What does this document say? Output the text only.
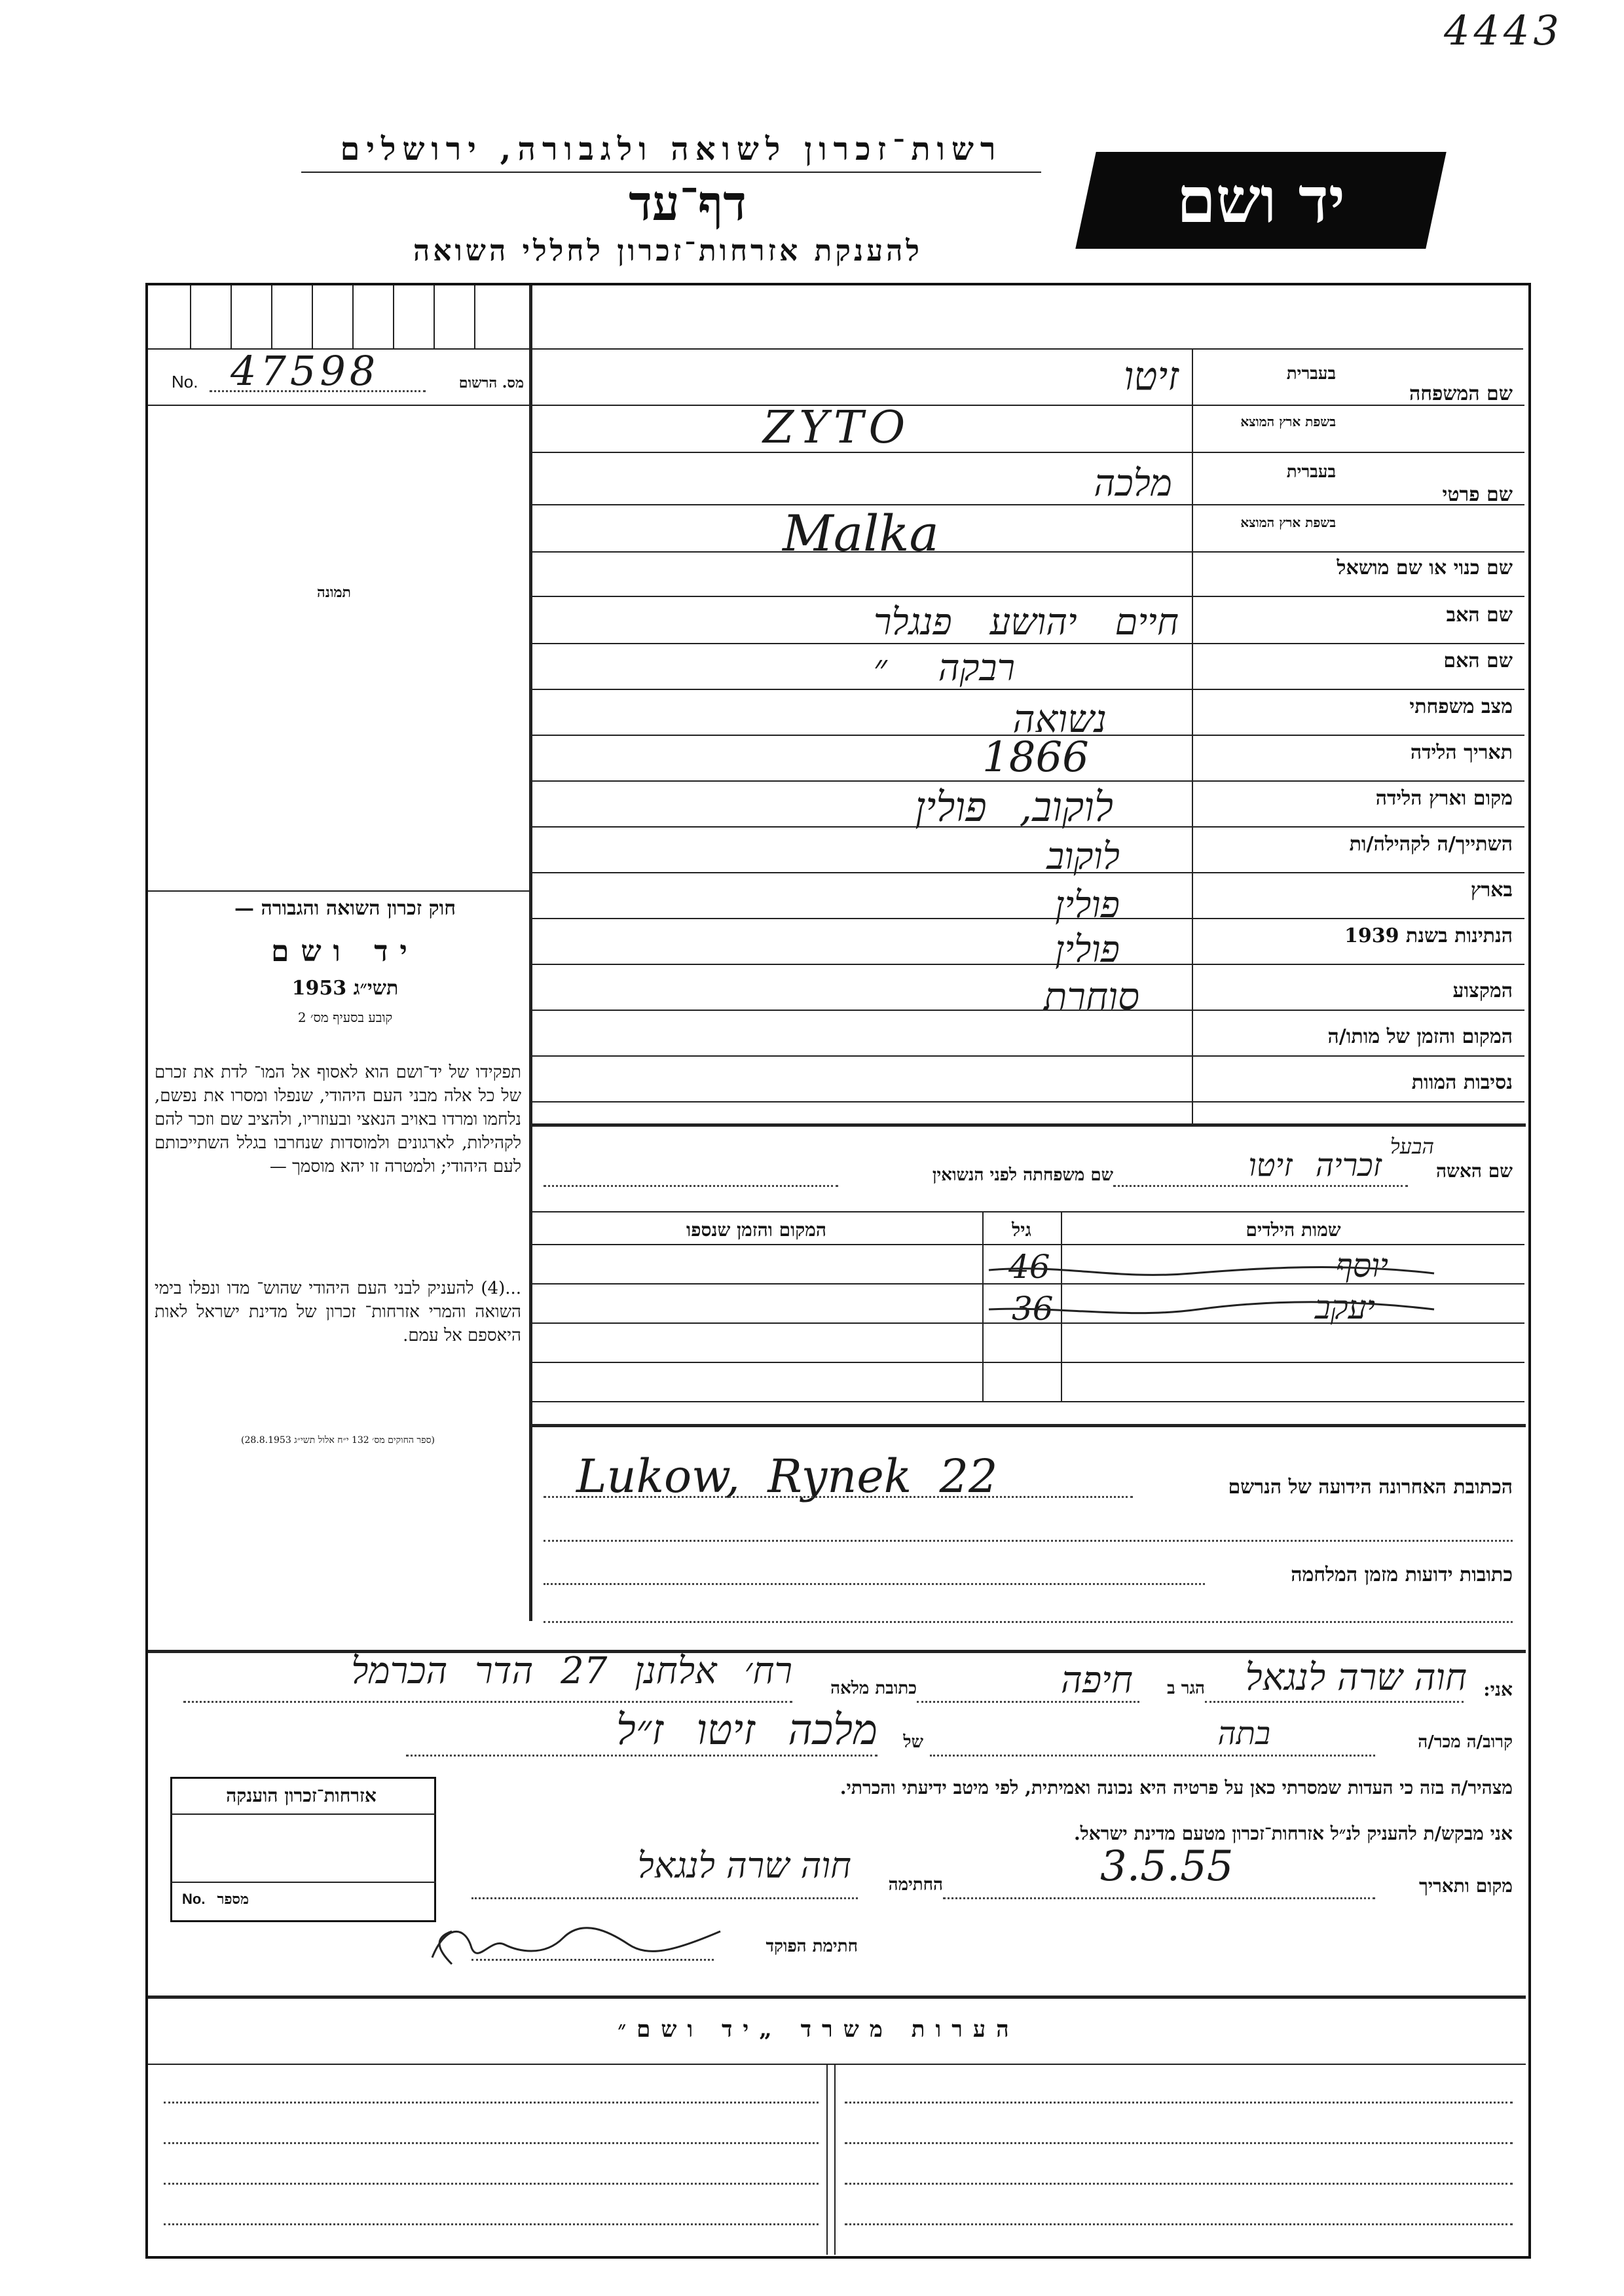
4443
רשות־זכרון לשואה ולגבורה, ירושלים
דף־עד
להענקת אזרחות־זכרון לחללי השואה
יד ושם
No. 47598	מס. הרשום
תמונה
חוק זכרון השואה והגבורה —
יד ושם
תשי״ג 1953
קובע בסעיף מס׳ 2
תפקידו של יד־ושם הוא לאסוף אל המו־ לדת את זכרם של כל אלה מבני העם היהודי, שנפלו ומסרו את נפשם, נלחמו ומרדו באויב הנאצי ובעוזריו, ולהציב שם וזכר להם לקהילות, לארגונים ולמוסדות שנחרבו בגלל השתייכותם לעם היהודי; ולמטרה זו יהא מוסמך —
...(4) להעניק לבני העם היהודי שהוש־ מדו ונפלו בימי השואה והמרי אזרחות־ זכרון של מדינת ישראל לאות היאספם אל עמם.
(ספר החוקים מס׳ 132 י״ח אלול תשי״ג 28.8.1953)
שם המשפחה
בעברית
בשפת ארץ המוצא
זיטו
ZYTO
שם פרטי
בעברית
בשפת ארץ המוצא
מלכה
Malka
שם כנוי או שם מושאל
שם האב
חיים יהושע פנגלר
שם האם
רבקה ״
מצב משפחתי
נשואה
תאריך הלידה
1866
מקום וארץ הלידה
לוקוב, פולין
השתייך/ה לקהילה/ות
לוקוב
בארץ
פולין
הנתינות בשנת 1939
פולין
המקצוע
סוחרת
המקום והזמן של מותו/ה
נסיבות המוות
שם האשה
הבעל
זכריה זיטו
שם משפחתה לפני הנשואין
שמות הילדים
גיל
המקום והזמן שנספו
יוסף
46
יעקב
36
Lukow, Rynek 22	הכתובת האחרונה הידועה של הנרשם
כתובות ידועות מזמן המלחמה
אני:
חוה שרה לנגאל
הגר ב
חיפה
כתובת מלאה
רח׳ אלחנן 27 הדר הכרמל
קרוב/ה מכר/ה
בתה
של
מלכה זיטו ז״ל
מצהיר/ה בזה כי העדות שמסרתי כאן על פרטיה היא נכונה ואמיתית, לפי מיטב ידיעתי והכרתי.
אני מבקש/ת להעניק לנ״ל אזרחות־זכרון מטעם מדינת ישראל.
מקום ותאריך
3.5.55
החתימה
חוה שרה לנגאל
חתימת הפוקד
אזרחות־זכרון הוענקה
No. מספר
הערות משרד „יד ושם״
